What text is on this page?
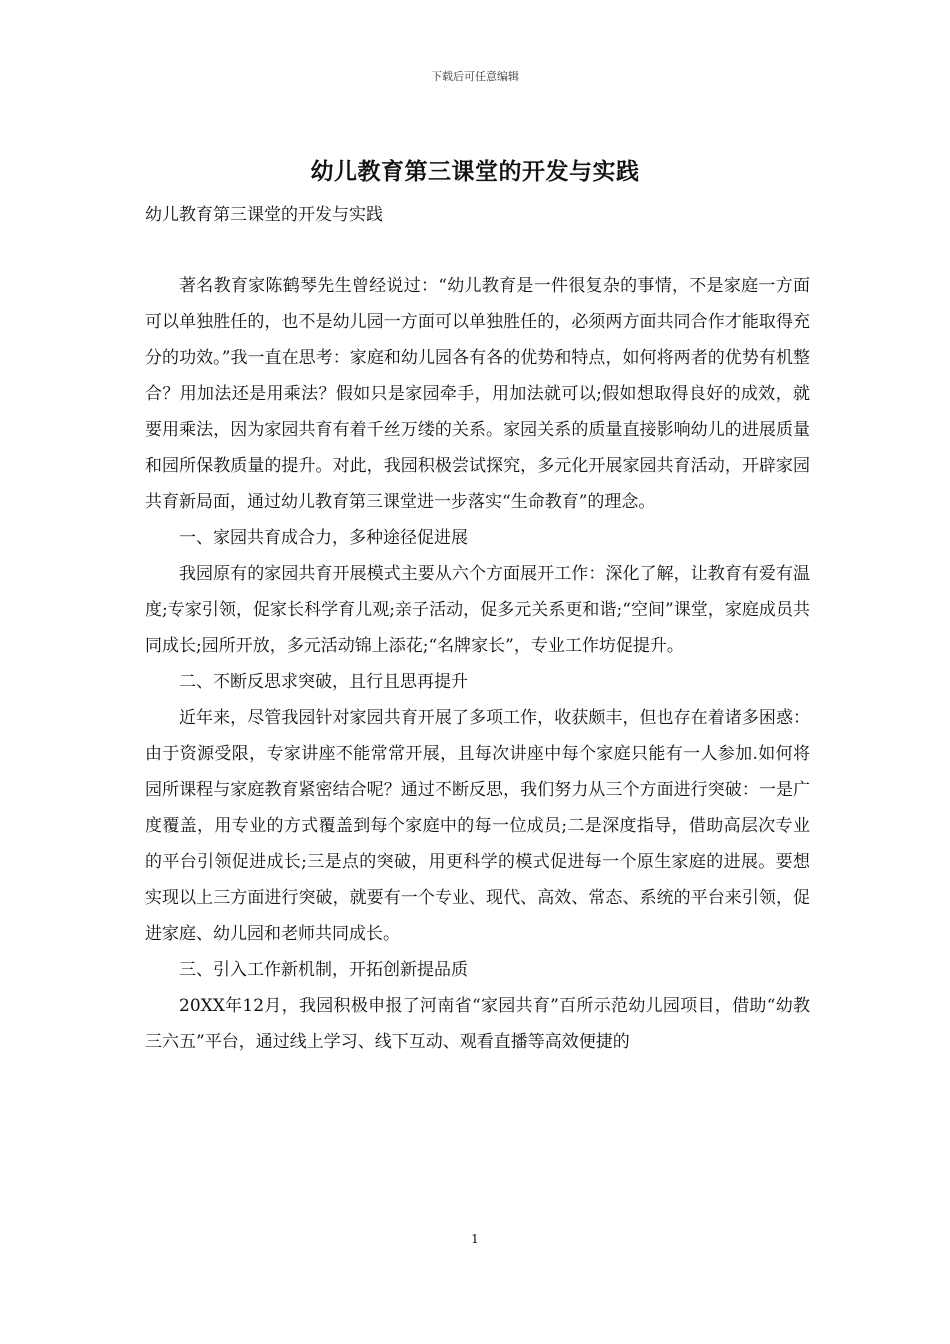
下载后可任意编辑
幼儿教育第三课堂的开发与实践
幼儿教育第三课堂的开发与实践

著名教育家陈鹤琴先生曾经说过：“幼儿教育是一件很复杂的事情，不是家庭一方面可以单独胜任的，也不是幼儿园一方面可以单独胜任的，必须两方面共同合作才能取得充分的功效。”我一直在思考：家庭和幼儿园各有各的优势和特点，如何将两者的优势有机整合？用加法还是用乘法？假如只是家园牵手，用加法就可以;假如想取得良好的成效，就要用乘法，因为家园共育有着千丝万缕的关系。家园关系的质量直接影响幼儿的进展质量和园所保教质量的提升。对此，我园积极尝试探究，多元化开展家园共育活动，开辟家园共育新局面，通过幼儿教育第三课堂进一步落实“生命教育”的理念。

一、家园共育成合力，多种途径促进展

我园原有的家园共育开展模式主要从六个方面展开工作：深化了解，让教育有爱有温度;专家引领，促家长科学育儿观;亲子活动，促多元关系更和谐;“空间”课堂，家庭成员共同成长;园所开放，多元活动锦上添花;“名牌家长”，专业工作坊促提升。

二、不断反思求突破，且行且思再提升

近年来，尽管我园针对家园共育开展了多项工作，收获颇丰，但也存在着诸多困惑：由于资源受限，专家讲座不能常常开展，且每次讲座中每个家庭只能有一人参加.如何将园所课程与家庭教育紧密结合呢？通过不断反思，我们努力从三个方面进行突破：一是广度覆盖，用专业的方式覆盖到每个家庭中的每一位成员;二是深度指导，借助高层次专业的平台引领促进成长;三是点的突破，用更科学的模式促进每一个原生家庭的进展。要想实现以上三方面进行突破，就要有一个专业、现代、高效、常态、系统的平台来引领，促进家庭、幼儿园和老师共同成长。

三、引入工作新机制，开拓创新提品质

20XX年12月，我园积极申报了河南省“家园共育”百所示范幼儿园项目，借助“幼教三六五”平台，通过线上学习、线下互动、观看直播等高效便捷的

1
